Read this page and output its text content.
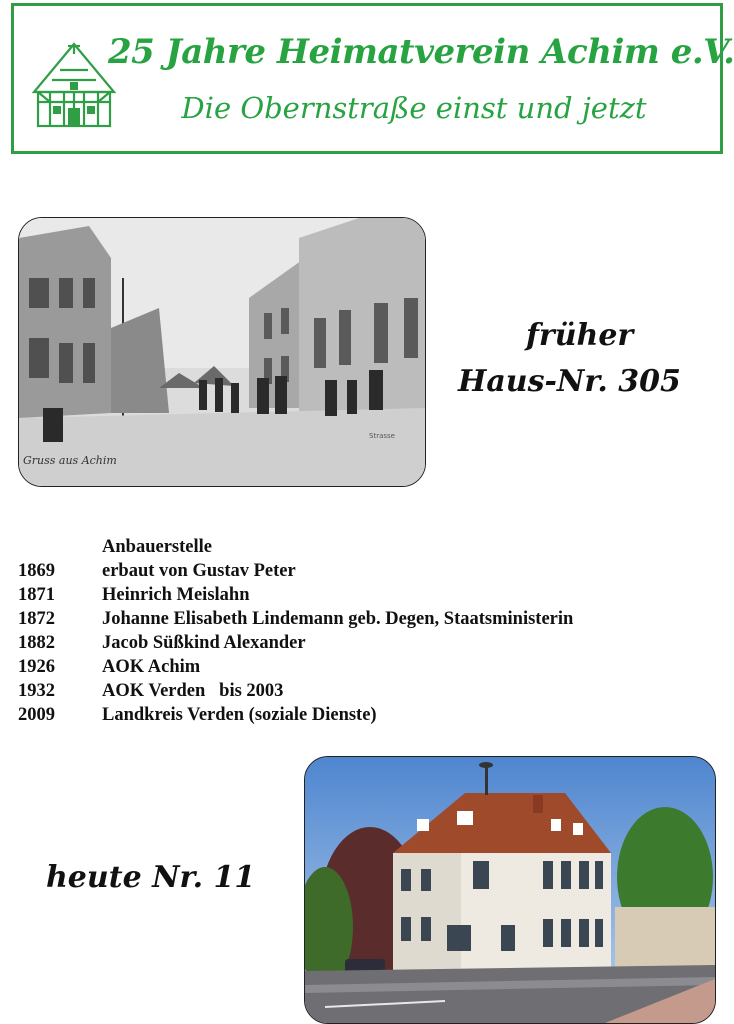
25 Jahre Heimatverein Achim e.V.
Die Obernstraße einst und jetzt
Gruss aus Achim
Strasse
früher
Haus-Nr. 305
Anbauerstelle
1869	erbaut von Gustav Peter
1871	Heinrich Meislahn
1872	Johanne Elisabeth Lindemann geb. Degen, Staatsministerin
1882	Jacob Süßkind Alexander
1926	AOK Achim
1932	AOK Verden   bis 2003
2009	Landkreis Verden (soziale Dienste)
heute Nr. 11
